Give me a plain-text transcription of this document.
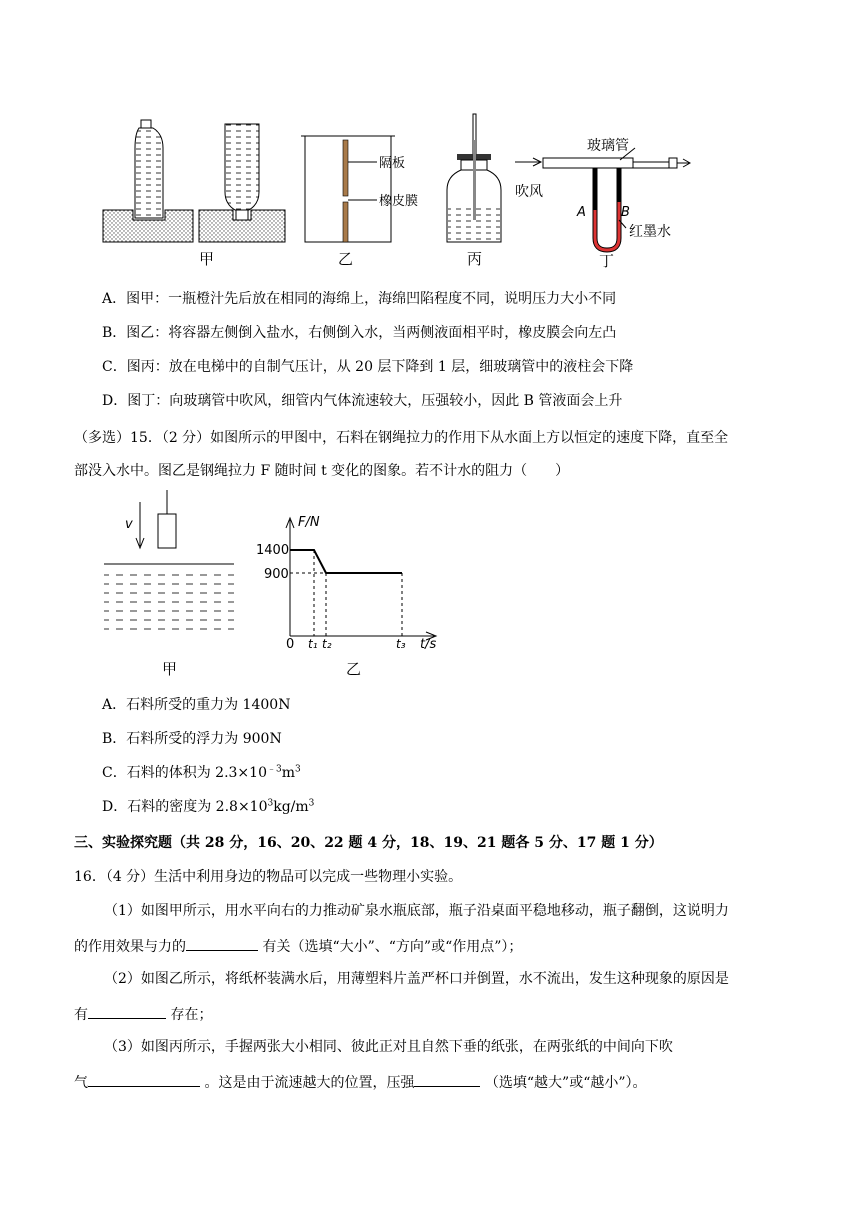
甲
隔板
橡皮膜
乙	丙
玻璃管
吹风
A	B
红墨水
丁
A．图甲：一瓶橙汁先后放在相同的海绵上，海绵凹陷程度不同，说明压力大小不同
B．图乙：将容器左侧倒入盐水，右侧倒入水，当两侧液面相平时，橡皮膜会向左凸
C．图丙：放在电梯中的自制气压计，从 20 层下降到 1 层，细玻璃管中的液柱会下降
D．图丁：向玻璃管中吹风，细管内气体流速较大，压强较小，因此 B 管液面会上升
（多选）15．（2 分）如图所示的甲图中，石料在钢绳拉力的作用下从水面上方以恒定的速度下降，直至全
部没入水中。图乙是钢绳拉力 F 随时间 t 变化的图象。若不计水的阻力（　　）
v
甲
F/N
t/s
1400
900
0 t₁ t₂	t₃
乙
A．石料所受的重力为 1400N
B．石料所受的浮力为 900N
C．石料的体积为 $2.3\times 10^{﹣3}m^3$
D．石料的密度为 $2.8\times 10^3kg/m^3$
三、实验探究题（共 28 分，16、20、22 题 4 分，18、19、21 题各 5 分、17 题 1 分）
16．（4 分）生活中利用身边的物品可以完成一些物理小实验。
（1）如图甲所示，用水平向右的力推动矿泉水瓶底部，瓶子沿桌面平稳地移动，瓶子翻倒，这说明力
的作用效果与力的	有关（选填“大小”、“方向”或“作用点”）；
（2）如图乙所示，将纸杯装满水后，用薄塑料片盖严杯口并倒置，水不流出，发生这种现象的原因是
有	存在；
（3）如图丙所示，手握两张大小相同、彼此正对且自然下垂的纸张，在两张纸的中间向下吹
气	。这是由于流速越大的位置，压强	（选填“越大”或“越小”）。
